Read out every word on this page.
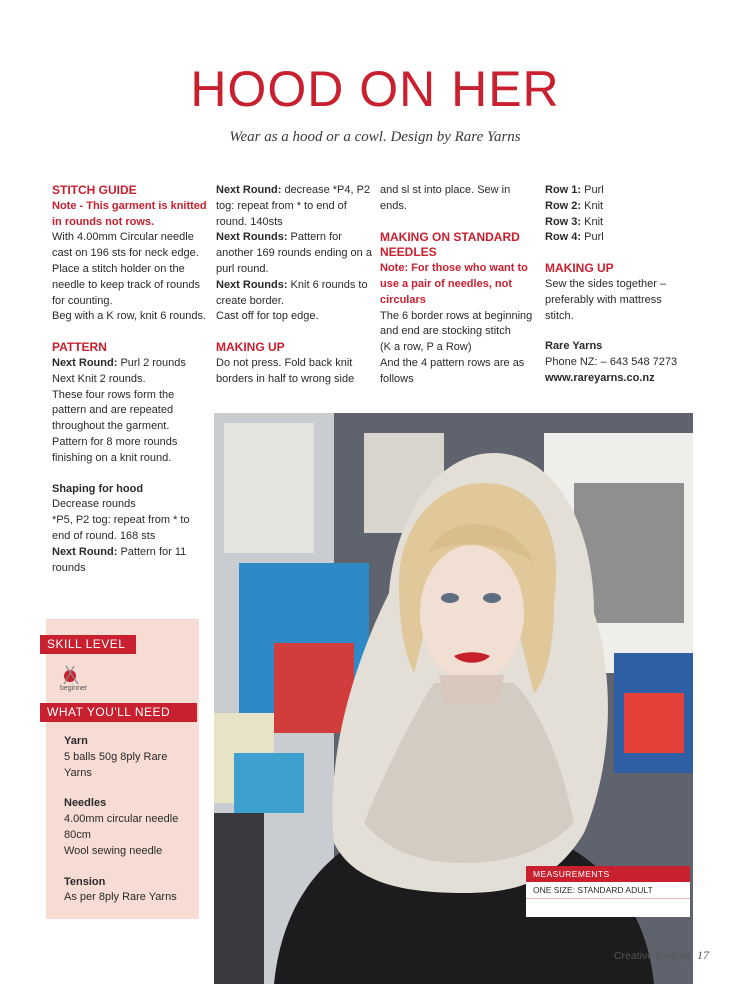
HOOD ON HER
Wear as a hood or a cowl. Design by Rare Yarns
STITCH GUIDE
Note - This garment is knitted in rounds not rows.
With 4.00mm Circular needle
cast on 196 sts for neck edge.
Place a stitch holder on the
needle to keep track of rounds
for counting.
Beg with a K row, knit 6 rounds.
PATTERN
Next Round: Purl 2 rounds
Next Knit 2 rounds.
These four rows form the
pattern and are repeated
throughout the garment.
Pattern for 8 more rounds
finishing on a knit round.
Shaping for hood
Decrease rounds
*P5, P2 tog: repeat from * to
end of round. 168 sts
Next Round: Pattern for 11 rounds
Next Round: decrease *P4, P2 tog: repeat from * to end of round. 140sts
Next Rounds: Pattern for another 169 rounds ending on a purl round.
Next Rounds: Knit 6 rounds to create border.
Cast off for top edge.
MAKING UP
Do not press. Fold back knit borders in half to wrong side
and sl st into place. Sew in ends.
MAKING ON STANDARD NEEDLES
Note: For those who want to use a pair of needles, not circulars
The 6 border rows at beginning
and end are stocking stitch
(K a row, P a Row)
And the 4 pattern rows are as
follows
Row 1: Purl
Row 2: Knit
Row 3: Knit
Row 4: Purl
MAKING UP
Sew the sides together –
preferably with mattress
stitch.
Rare Yarns
Phone NZ: – 643 548 7273
www.rareyarns.co.nz
SKILL LEVEL
beginner
WHAT YOU'LL NEED
Yarn
5 balls 50g 8ply Rare
Yarns
Needles
4.00mm circular needle
80cm
Wool sewing needle
Tension
As per 8ply Rare Yarns
MEASUREMENTS
ONE SIZE: STANDARD ADULT
Creative Knitting 17
